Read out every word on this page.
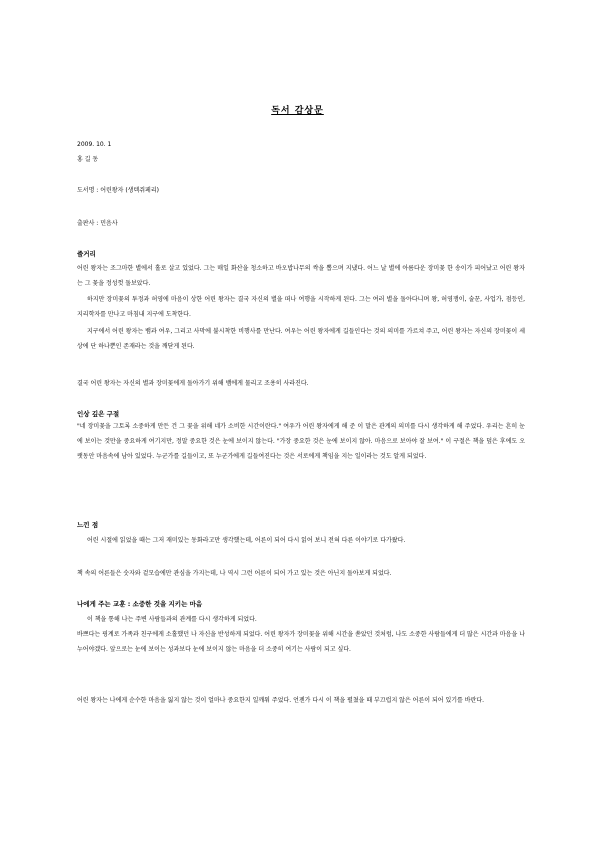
독서 감상문
2009. 10. 1
홍 길 동
도서명 : 어린왕자 (생텍쥐페리)
출판사 : 민음사
줄거리
어린 왕자는 조그마한 별에서 홀로 살고 있었다. 그는 매일 화산을 청소하고 바오밥나무의 싹을 뽑으며 지냈다. 어느 날 별에 아름다운 장미꽃 한 송이가 피어났고 어린 왕자는 그 꽃을 정성껏 돌보았다.
하지만 장미꽃의 투정과 허영에 마음이 상한 어린 왕자는 결국 자신의 별을 떠나 여행을 시작하게 된다. 그는 여러 별을 돌아다니며 왕, 허영쟁이, 술꾼, 사업가, 점등인, 지리학자를 만나고 마침내 지구에 도착한다.
지구에서 어린 왕자는 뱀과 여우, 그리고 사막에 불시착한 비행사를 만난다. 여우는 어린 왕자에게 길들인다는 것의 의미를 가르쳐 주고, 어린 왕자는 자신의 장미꽃이 세상에 단 하나뿐인 존재라는 것을 깨닫게 된다.
결국 어린 왕자는 자신의 별과 장미꽃에게 돌아가기 위해 뱀에게 물리고 조용히 사라진다.
인상 깊은 구절
"네 장미꽃을 그토록 소중하게 만든 건 그 꽃을 위해 네가 소비한 시간이란다." 여우가 어린 왕자에게 해 준 이 말은 관계의 의미를 다시 생각하게 해 주었다. 우리는 흔히 눈에 보이는 것만을 중요하게 여기지만, 정말 중요한 것은 눈에 보이지 않는다. "가장 중요한 것은 눈에 보이지 않아. 마음으로 보아야 잘 보여." 이 구절은 책을 덮은 후에도 오랫동안 마음속에 남아 있었다. 누군가를 길들이고, 또 누군가에게 길들여진다는 것은 서로에게 책임을 지는 일이라는 것도 알게 되었다.
느낀 점
어린 시절에 읽었을 때는 그저 재미있는 동화라고만 생각했는데, 어른이 되어 다시 읽어 보니 전혀 다른 이야기로 다가왔다.
책 속의 어른들은 숫자와 겉모습에만 관심을 가지는데, 나 역시 그런 어른이 되어 가고 있는 것은 아닌지 돌아보게 되었다.
나에게 주는 교훈 : 소중한 것을 지키는 마음
이 책을 통해 나는 주변 사람들과의 관계를 다시 생각하게 되었다.
바쁘다는 핑계로 가족과 친구에게 소홀했던 나 자신을 반성하게 되었다. 어린 왕자가 장미꽃을 위해 시간을 쏟았던 것처럼, 나도 소중한 사람들에게 더 많은 시간과 마음을 나누어야겠다. 앞으로는 눈에 보이는 성과보다 눈에 보이지 않는 마음을 더 소중히 여기는 사람이 되고 싶다.
어린 왕자는 나에게 순수한 마음을 잃지 않는 것이 얼마나 중요한지 일깨워 주었다. 언젠가 다시 이 책을 펼쳤을 때 부끄럽지 않은 어른이 되어 있기를 바란다.
